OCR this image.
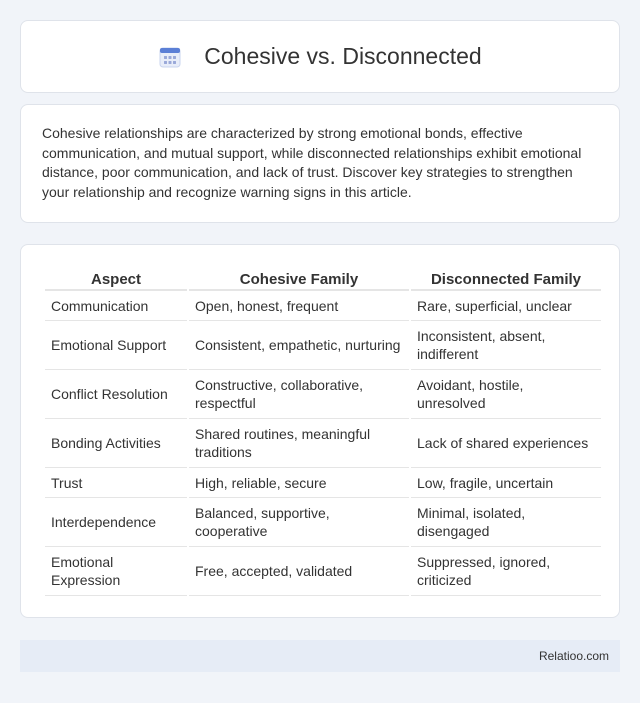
Cohesive vs. Disconnected

Cohesive relationships are characterized by strong emotional bonds, effective communication, and mutual support, while disconnected relationships exhibit emotional distance, poor communication, and lack of trust. Discover key strategies to strengthen your relationship and recognize warning signs in this article.

Aspect	Cohesive Family	Disconnected Family
Communication	Open, honest, frequent	Rare, superficial, unclear
Emotional Support	Consistent, empathetic, nurturing	Inconsistent, absent, indifferent
Conflict Resolution	Constructive, collaborative, respectful	Avoidant, hostile, unresolved
Bonding Activities	Shared routines, meaningful traditions	Lack of shared experiences
Trust	High, reliable, secure	Low, fragile, uncertain
Interdependence	Balanced, supportive, cooperative	Minimal, isolated, disengaged
Emotional Expression	Free, accepted, validated	Suppressed, ignored, criticized
Relatioo.com
